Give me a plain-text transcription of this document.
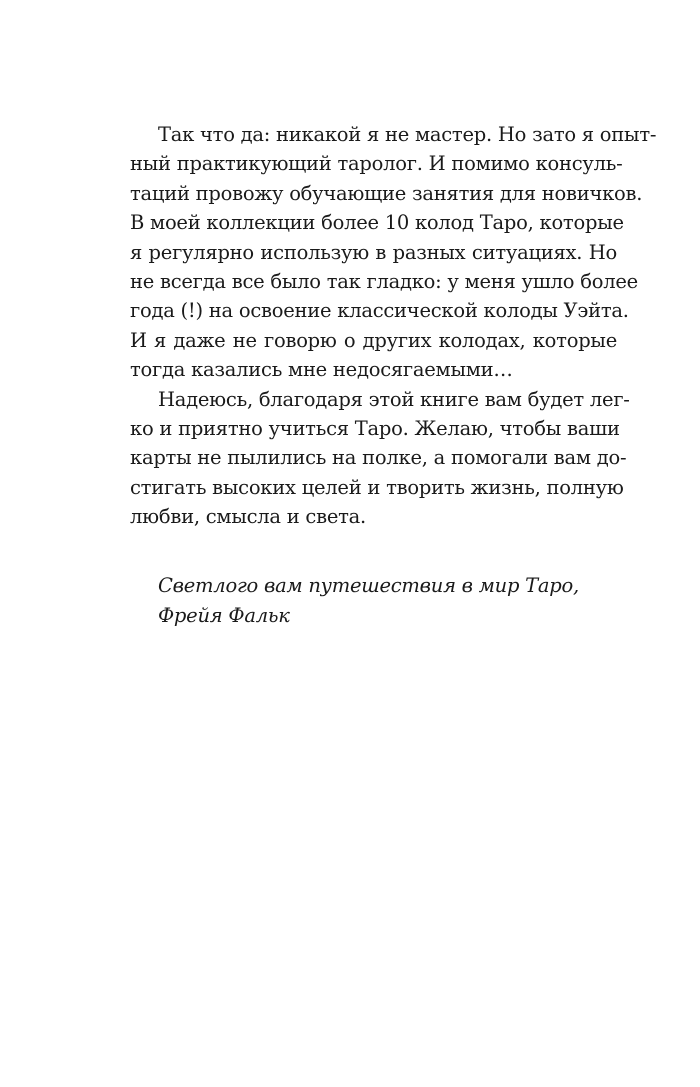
Так что да: никакой я не мастер. Но зато я опыт-
ный практикующий таролог. И помимо консуль-
таций провожу обучающие занятия для новичков.
В моей коллекции более 10 колод Таро, которые
я регулярно использую в разных ситуациях. Но
не всегда все было так гладко: у меня ушло более
года (!) на освоение классической колоды Уэйта.
И я даже не говорю о других колодах, которые
тогда казались мне недосягаемыми…
Надеюсь, благодаря этой книге вам будет лег-
ко и приятно учиться Таро. Желаю, чтобы ваши
карты не пылились на полке, а помогали вам до-
стигать высоких целей и творить жизнь, полную
любви, смысла и света.
Светлого вам путешествия в мир Таро,
Фрейя Фальк
